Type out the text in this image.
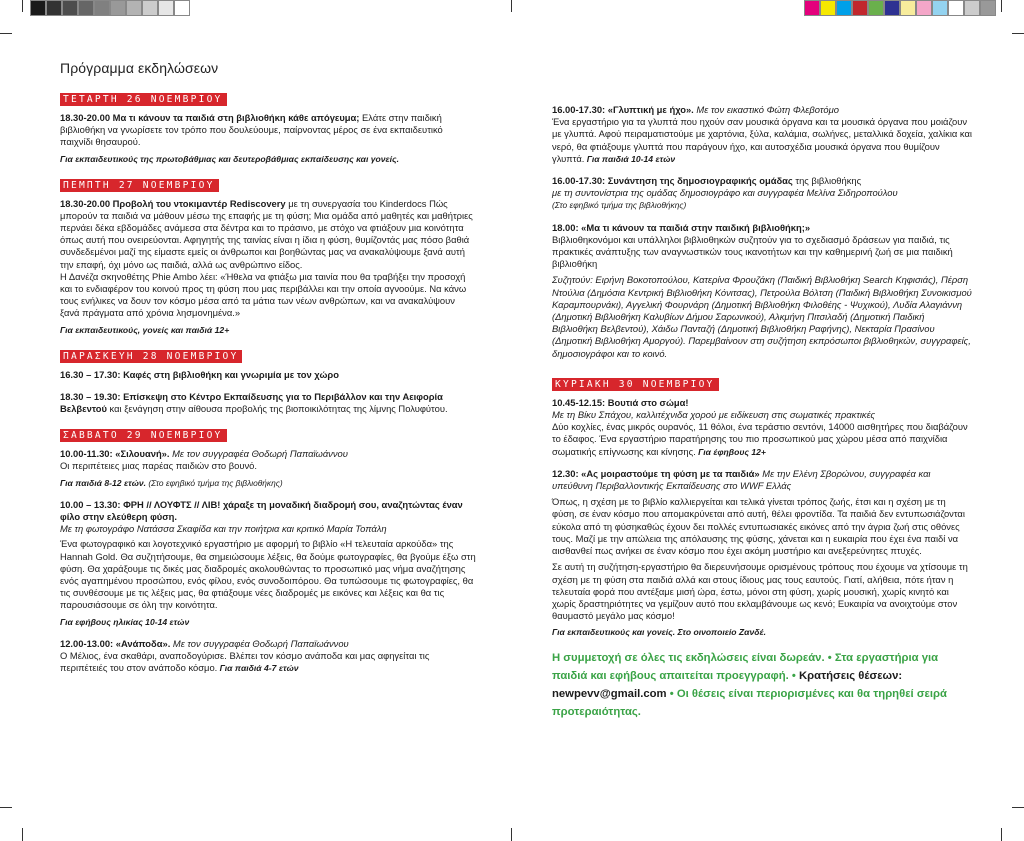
Πρόγραμμα εκδηλώσεων
ΤΕΤΑΡΤΗ 26 ΝΟΕΜΒΡΙΟΥ
18.30-20.00 Μα τι κάνουν τα παιδιά στη βιβλιοθήκη κάθε απόγευμα; Ελάτε στην παιδική βιβλιοθήκη να γνωρίσετε τον τρόπο που δουλεύουμε, παίρνοντας μέρος σε ένα εκπαιδευτικό παιχνίδι θησαυρού.
Για εκπαιδευτικούς της πρωτοβάθμιας και δευτεροβάθμιας εκπαίδευσης και γονείς.
ΠΕΜΠΤΗ 27 ΝΟΕΜΒΡΙΟΥ
18.30-20.00 Προβολή του ντοκιμαντέρ Rediscovery με τη συνεργασία του Kinderdocs Πώς μπορούν τα παιδιά να μάθουν μέσω της επαφής με τη φύση; Μια ομάδα από μαθητές και μαθήτριες περνάει δέκα εβδομάδες ανάμεσα στα δέντρα και το πράσινο, με στόχο να φτιάξουν μια κοινότητα όπως αυτή που ονειρεύονται. Αφηγητής της ταινίας είναι η ίδια η φύση, θυμίζοντάς μας πόσο βαθιά συνδεδεμένοι μαζί της είμαστε εμείς οι άνθρωποι και βοηθώντας μας να ανακαλύψουμε ξανά αυτή την επαφή, όχι μόνο ως παιδιά, αλλά ως ανθρώπινο είδος.
Η Δανέζα σκηνοθέτης Phie Ambo λέει: «Ήθελα να φτιάξω μια ταινία που θα τραβήξει την προσοχή και το ενδιαφέρον του κοινού προς τη φύση που μας περιβάλλει και την οποία αγνοούμε. Να κάνω τους ενήλικες να δουν τον κόσμο μέσα από τα μάτια των νέων ανθρώπων, και να ανακαλύψουν ξανά πράγματα από χρόνια λησμονημένα.»
Για εκπαιδευτικούς, γονείς και παιδιά 12+
ΠΑΡΑΣΚΕΥΗ 28 ΝΟΕΜΒΡΙΟΥ
16.30 – 17.30: Καφές στη βιβλιοθήκη και γνωριμία με τον χώρο
18.30 – 19.30: Επίσκεψη στο Κέντρο Εκπαίδευσης για το Περιβάλλον και την Αειφορία Βελβεντού και ξενάγηση στην αίθουσα προβολής της βιοποικιλότητας της λίμνης Πολυφύτου.
ΣΑΒΒΑΤΟ 29 ΝΟΕΜΒΡΙΟΥ
10.00-11.30: «Σιλουανή». Με τον συγγραφέα Θοδωρή Παπαϊωάννου
Οι περιπέτειες μιας παρέας παιδιών στο βουνό.
Για παιδιά 8-12 ετών. (Στο εφηβικό τμήμα της βιβλιοθήκης)
10.00 – 13.30: ΦΡΗ // ΛΟΥΦΤΣ // ΛΙΒ! χάραξε τη μοναδική διαδρομή σου, αναζητώντας έναν φίλο στην ελεύθερη φύση.
Με τη φωτογράφο Νατάσσα Σκαφίδα και την ποιήτρια και κριτικό Μαρία Τοπάλη
Ένα φωτογραφικό και λογοτεχνικό εργαστήριο με αφορμή το βιβλίο «Η τελευταία αρκούδα» της Hannah Gold. Θα συζητήσουμε, θα σημειώσουμε λέξεις, θα δούμε φωτογραφίες, θα βγούμε έξω στη φύση. Θα χαράξουμε τις δικές μας διαδρομές ακολουθώντας το προσωπικό μας νήμα αναζήτησης ενός αγαπημένου προσώπου, ενός φίλου, ενός συνοδοιπόρου. Θα τυπώσουμε τις φωτογραφίες, θα τις συνθέσουμε με τις λέξεις μας, θα φτιάξουμε νέες διαδρομές με εικόνες και λέξεις και θα τις παρουσιάσουμε σε όλη την κοινότητα.
Για εφήβους ηλικίας 10-14 ετών
12.00-13.00: «Ανάποδα». Με τον συγγραφέα Θοδωρή Παπαϊωάννου
Ο Μέλιος, ένα σκαθάρι, αναποδογύρισε. Βλέπει τον κόσμο ανάποδα και μας αφηγείται τις περιπέτειές του στον ανάποδο κόσμο. Για παιδιά 4-7 ετών
16.00-17.30: «Γλυπτική με ήχο». Με τον εικαστικό Φώτη Φλεβοτόμο
Ένα εργαστήριο για τα γλυπτά που ηχούν σαν μουσικά όργανα και τα μουσικά όργανα που μοιάζουν με γλυπτά. Αφού πειραματιστούμε με χαρτόνια, ξύλα, καλάμια, σωλήνες, μεταλλικά δοχεία, χαλίκια και νερό, θα φτιάξουμε γλυπτά που παράγουν ήχο, και αυτοσχέδια μουσικά όργανα που θυμίζουν γλυπτά. Για παιδιά 10-14 ετών
16.00-17.30: Συνάντηση της δημοσιογραφικής ομάδας της βιβλιοθήκης
με τη συντονίστρια της ομάδας δημοσιογράφο και συγγραφέα Μελίνα Σιδηροπούλου
(Στο εφηβικό τμήμα της βιβλιοθήκης)
18.00: «Μα τι κάνουν τα παιδιά στην παιδική βιβλιοθήκη;»
Βιβλιοθηκονόμοι και υπάλληλοι βιβλιοθηκών συζητούν για το σχεδιασμό δράσεων για παιδιά, τις πρακτικές ανάπτυξης των αναγνωστικών τους ικανοτήτων και την καθημερινή ζωή σε μια παιδική βιβλιοθήκη
Συζητούν: Ειρήνη Βοκοτοπούλου, Κατερίνα Φρουζάκη (Παιδική Βιβλιοθήκη Search Κηφισιάς), Πέρση Ντούλια (Δημόσια Κεντρική Βιβλιοθήκη Κόνιτσας), Πετρούλα Βόλτση (Παιδική Βιβλιοθήκη Συνοικισμού Καραμπουρνάκι), Αγγελική Φουρνάρη (Δημοτική Βιβλιοθήκη Φιλοθέης - Ψυχικού), Λυδία Αλαγιάννη (Δημοτική Βιβλιοθήκη Καλυβίων Δήμου Σαρωνικού), Αλκμήνη Πιτσιλαδή (Δημοτική Παιδική Βιβλιοθήκη Βελβεντού), Χάιδω Πανταζή (Δημοτική Βιβλιοθήκη Ραφήνης), Νεκταρία Πρασίνου (Δημοτική Βιβλιοθήκη Αμοργού). Παρεμβαίνουν στη συζήτηση εκπρόσωποι βιβλιοθηκών, συγγραφείς, δημοσιογράφοι και το κοινό.
ΚΥΡΙΑΚΗ 30 ΝΟΕΜΒΡΙΟΥ
10.45-12.15: Βουτιά στο σώμα!
Με τη Βίκυ Σπάχου, καλλιτέχνιδα χορού με ειδίκευση στις σωματικές πρακτικές
Δύο κοχλίες, ένας μικρός ουρανός, 11 θόλοι, ένα τεράστιο σεντόνι, 14000 αισθητήρες που διαβάζουν το έδαφος. Ένα εργαστήριο παρατήρησης του πιο προσωπικού μας χώρου μέσα από παιχνίδια σωματικής επίγνωσης και κίνησης. Για έφηβους 12+
12.30: «Ας μοιραστούμε τη φύση με τα παιδιά» Με την Ελένη Σβορώνου, συγγραφέα και υπεύθυνη Περιβαλλοντικής Εκπαίδευσης στο WWF Ελλάς
Όπως, η σχέση με το βιβλίο καλλιεργείται και τελικά γίνεται τρόπος ζωής, έτσι και η σχέση με τη φύση, σε έναν κόσμο που απομακρύνεται από αυτή, θέλει φροντίδα. Τα παιδιά δεν εντυπωσιάζονται εύκολα από τη φύσηκαθώς έχουν δει πολλές εντυπωσιακές εικόνες από την άγρια ζωή στις οθόνες τους. Μαζί με την απώλεια της απόλαυσης της φύσης, χάνεται και η ευκαιρία που έχει ένα παιδί να αισθανθεί πως ανήκει σε έναν κόσμο που έχει ακόμη μυστήριο και ανεξερεύνητες πτυχές.
Σε αυτή τη συζήτηση-εργαστήριο θα διερευνήσουμε ορισμένους τρόπους που έχουμε να χτίσουμε τη σχέση με τη φύση στα παιδιά αλλά και στους ίδιους μας τους εαυτούς. Γιατί, αλήθεια, πότε ήταν η τελευταία φορά που αντέξαμε μισή ώρα, έστω, μόνοι στη φύση, χωρίς μουσική, χωρίς κινητό και χωρίς δραστηριότητες να γεμίζουν αυτό που εκλαμβάνουμε ως κενό; Ευκαιρία να ανοιχτούμε στον θαυμαστό μεγάλο μας κόσμο!
Για εκπαιδευτικούς και γονείς. Στο οινοποιείο Ζανδέ.
Η συμμετοχή σε όλες τις εκδηλώσεις είναι δωρεάν. • Στα εργαστήρια για παιδιά και εφήβους απαιτείται προεγγραφή. • Κρατήσεις θέσεων: newpevv@gmail.com • Οι θέσεις είναι περιορισμένες και θα τηρηθεί σειρά προτεραιότητας.
